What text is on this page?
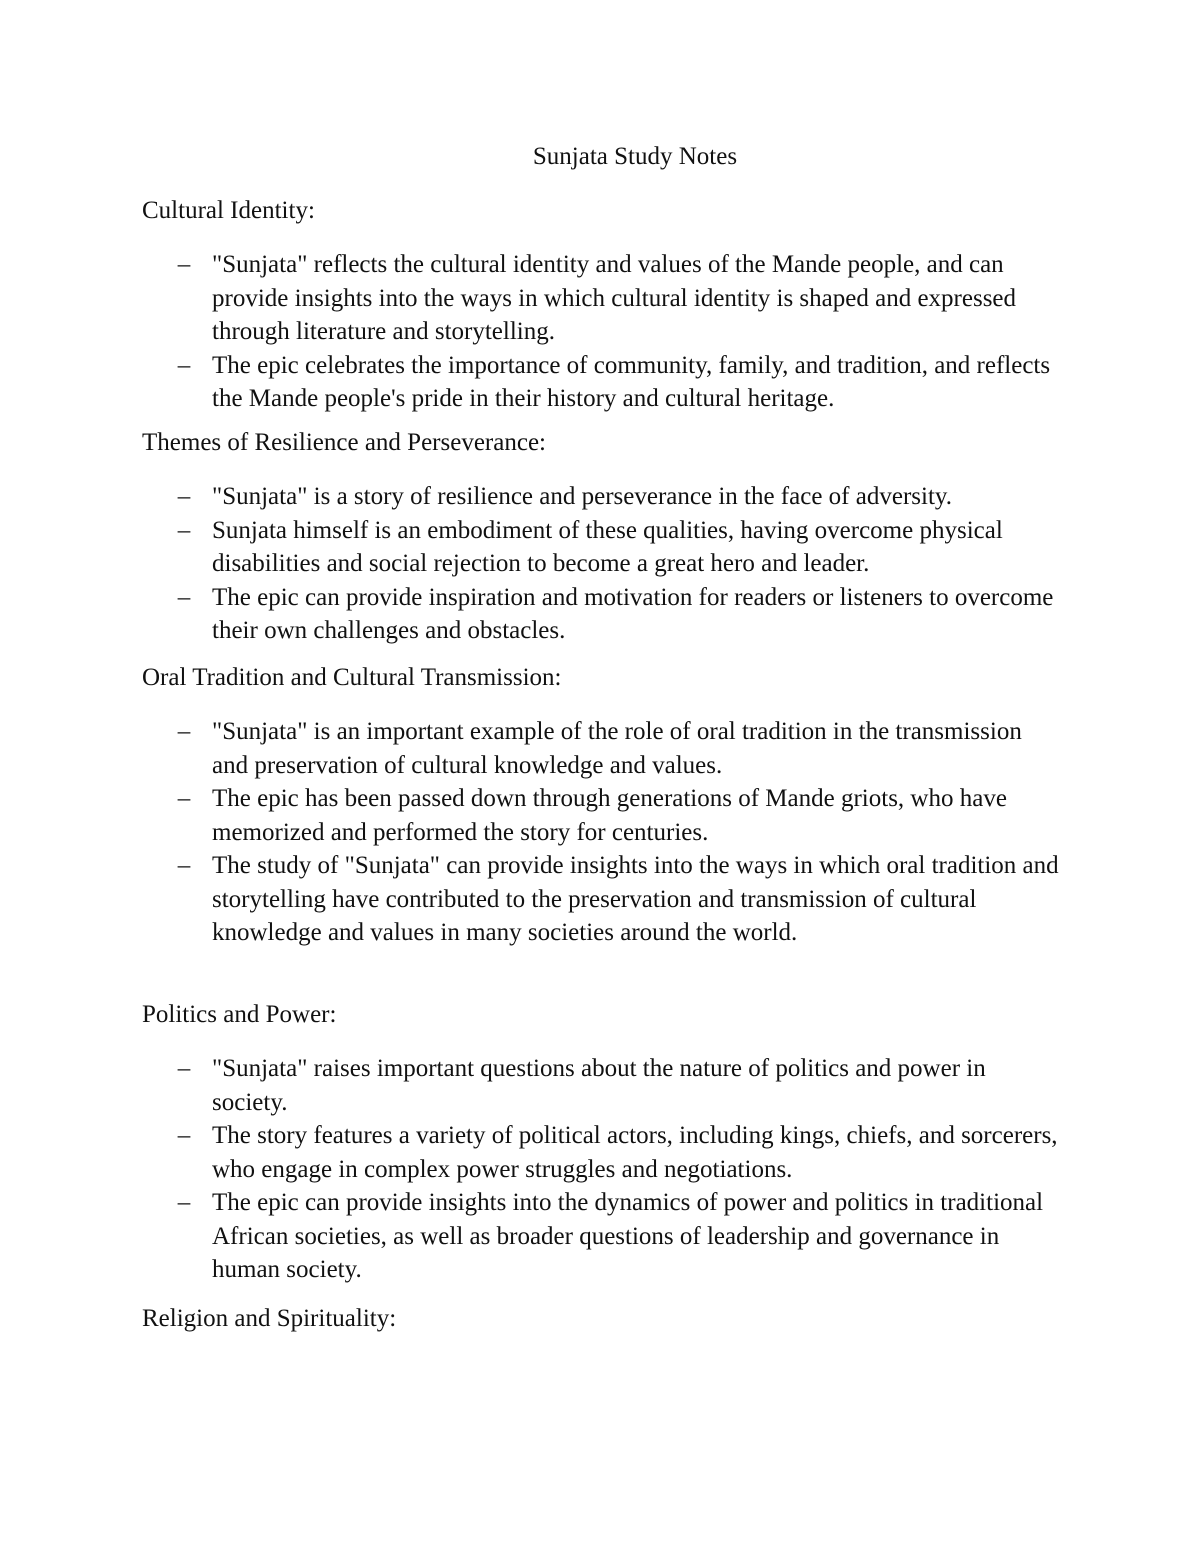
Sunjata Study Notes

Cultural Identity:

– "Sunjata" reflects the cultural identity and values of the Mande people, and can provide insights into the ways in which cultural identity is shaped and expressed through literature and storytelling.
– The epic celebrates the importance of community, family, and tradition, and reflects the Mande people's pride in their history and cultural heritage.

Themes of Resilience and Perseverance:

– "Sunjata" is a story of resilience and perseverance in the face of adversity.
– Sunjata himself is an embodiment of these qualities, having overcome physical disabilities and social rejection to become a great hero and leader.
– The epic can provide inspiration and motivation for readers or listeners to overcome their own challenges and obstacles.

Oral Tradition and Cultural Transmission:

– "Sunjata" is an important example of the role of oral tradition in the transmission and preservation of cultural knowledge and values.
– The epic has been passed down through generations of Mande griots, who have memorized and performed the story for centuries.
– The study of "Sunjata" can provide insights into the ways in which oral tradition and storytelling have contributed to the preservation and transmission of cultural knowledge and values in many societies around the world.

Politics and Power:

– "Sunjata" raises important questions about the nature of politics and power in society.
– The story features a variety of political actors, including kings, chiefs, and sorcerers, who engage in complex power struggles and negotiations.
– The epic can provide insights into the dynamics of power and politics in traditional African societies, as well as broader questions of leadership and governance in human society.

Religion and Spirituality:
